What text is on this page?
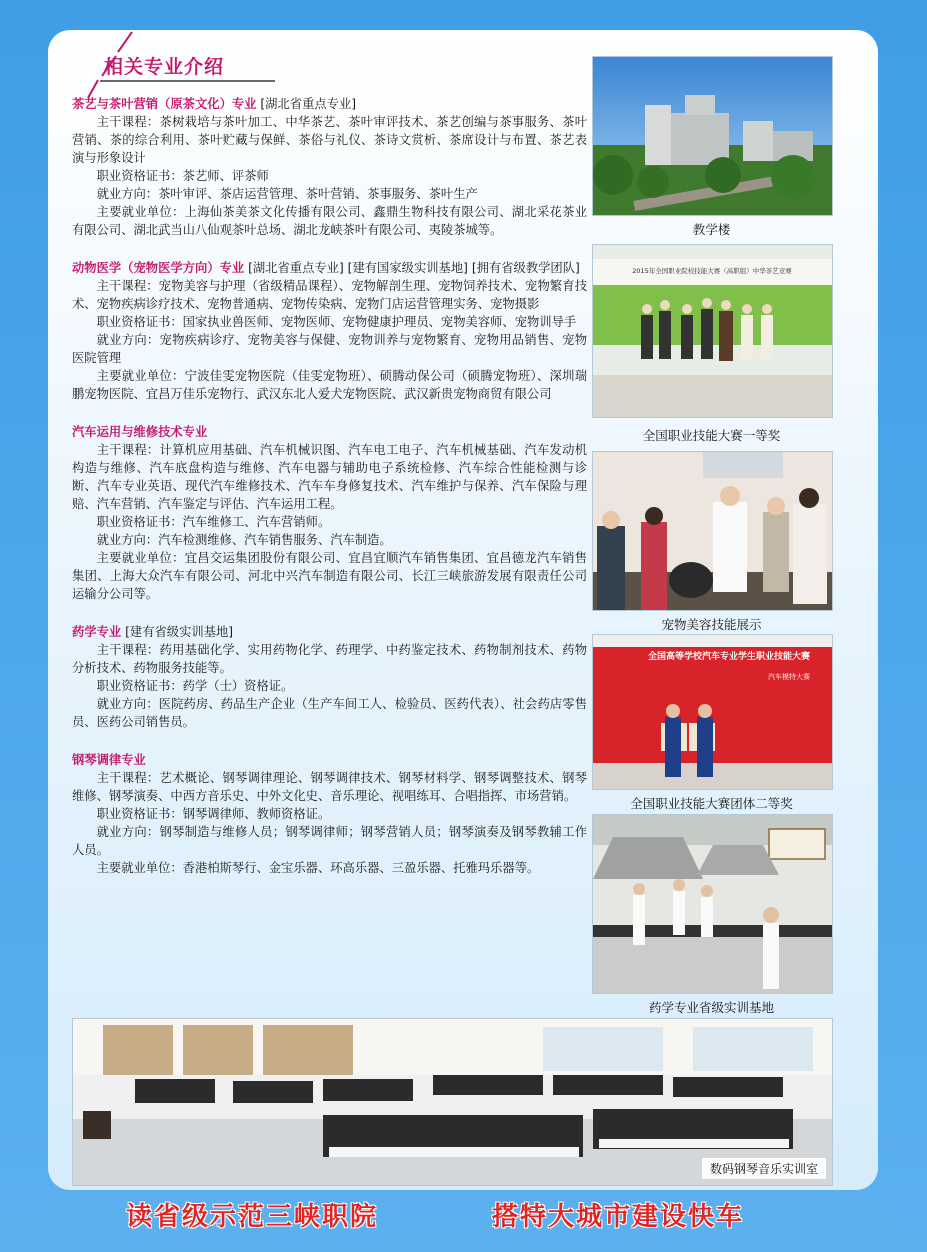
相关专业介绍
茶艺与茶叶营销（原茶文化）专业 [湖北省重点专业]
主干课程：茶树栽培与茶叶加工、中华茶艺、茶叶审评技术、茶艺创编与茶事服务、茶叶营销、茶的综合利用、茶叶贮藏与保鲜、茶俗与礼仪、茶诗文赏析、茶席设计与布置、茶艺表演与形象设计
职业资格证书：茶艺师、评茶师
就业方向：茶叶审评、茶店运营管理、茶叶营销、茶事服务、茶叶生产
主要就业单位：上海仙茶美茶文化传播有限公司、鑫鼎生物科技有限公司、湖北采花茶业有限公司、湖北武当山八仙观茶叶总场、湖北龙峡茶叶有限公司、夷陵茶城等。
动物医学（宠物医学方向）专业 [湖北省重点专业] [建有国家级实训基地] [拥有省级教学团队]
主干课程：宠物美容与护理（省级精品课程）、宠物解剖生理、宠物饲养技术、宠物繁育技术、宠物疾病诊疗技术、宠物普通病、宠物传染病、宠物门店运营管理实务、宠物摄影
职业资格证书：国家执业兽医师、宠物医师、宠物健康护理员、宠物美容师、宠物训导手
就业方向：宠物疾病诊疗、宠物美容与保健、宠物训养与宠物繁育、宠物用品销售、宠物医院管理
主要就业单位：宁波佳雯宠物医院（佳雯宠物班）、硕腾动保公司（硕腾宠物班）、深圳瑞鹏宠物医院、宜昌万佳乐宠物行、武汉东北人爱犬宠物医院、武汉新贵宠物商贸有限公司
汽车运用与维修技术专业
主干课程：计算机应用基础、汽车机械识图、汽车电工电子、汽车机械基础、汽车发动机构造与维修、汽车底盘构造与维修、汽车电器与辅助电子系统检修、汽车综合性能检测与诊断、汽车专业英语、现代汽车维修技术、汽车车身修复技术、汽车维护与保养、汽车保险与理赔、汽车营销、汽车鉴定与评估、汽车运用工程。
职业资格证书：汽车维修工、汽车营销师。
就业方向：汽车检测维修、汽车销售服务、汽车制造。
主要就业单位：宜昌交运集团股份有限公司、宜昌宜顺汽车销售集团、宜昌德龙汽车销售集团、上海大众汽车有限公司、河北中兴汽车制造有限公司、长江三峡旅游发展有限责任公司运输分公司等。
药学专业 [建有省级实训基地]
主干课程：药用基础化学、实用药物化学、药理学、中药鉴定技术、药物制剂技术、药物分析技术、药物服务技能等。
职业资格证书：药学（士）资格证。
就业方向：医院药房、药品生产企业（生产车间工人、检验员、医药代表）、社会药店零售员、医药公司销售员。
钢琴调律专业
主干课程：艺术概论、钢琴调律理论、钢琴调律技术、钢琴材料学、钢琴调整技术、钢琴维修、钢琴演奏、中西方音乐史、中外文化史、音乐理论、视唱练耳、合唱指挥、市场营销。
职业资格证书：钢琴调律师、教师资格证。
就业方向：钢琴制造与维修人员；钢琴调律师；钢琴营销人员；钢琴演奏及钢琴教辅工作人员。
主要就业单位：香港柏斯琴行、金宝乐器、环高乐器、三盈乐器、托雅玛乐器等。
教学楼
2015年全国职业院校技能大赛（高职组）中华茶艺竞赛
全国职业技能大赛一等奖
宠物美容技能展示
全国高等学校汽车专业学生职业技能大赛
汽车模特大赛
全国职业技能大赛团体二等奖
药学专业省级实训基地
数码钢琴音乐实训室
读省级示范三峡职院	搭特大城市建设快车
